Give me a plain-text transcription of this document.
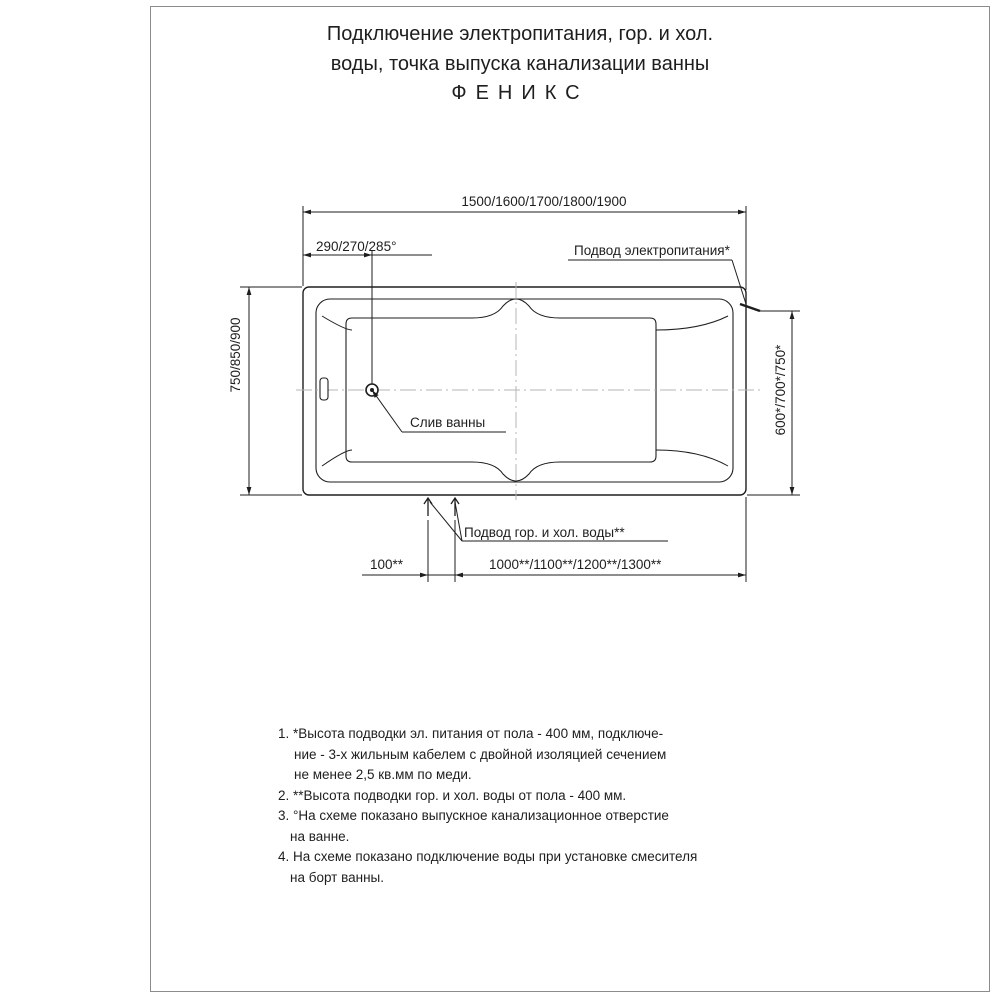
Подключение электропитания, гор. и хол.
воды, точка выпуска канализации ванны
ФЕНИКС
1500/1600/1700/1800/1900
290/270/285°
750/850/900	600*/700*/750*
Подвод электропитания*
Слив ванны
Подвод гор. и хол. воды**
100**	1000**/1100**/1200**/1300**
1. *Высота подводки эл. питания от пола - 400 мм, подключе-
ние - 3-х жильным кабелем с двойной изоляцией сечением
не менее 2,5 кв.мм по меди.
2. **Высота подводки гор. и хол. воды от пола - 400 мм.
3. °На схеме показано выпускное канализационное отверстие
на ванне.
4. На схеме показано подключение воды при установке смесителя
на борт ванны.
